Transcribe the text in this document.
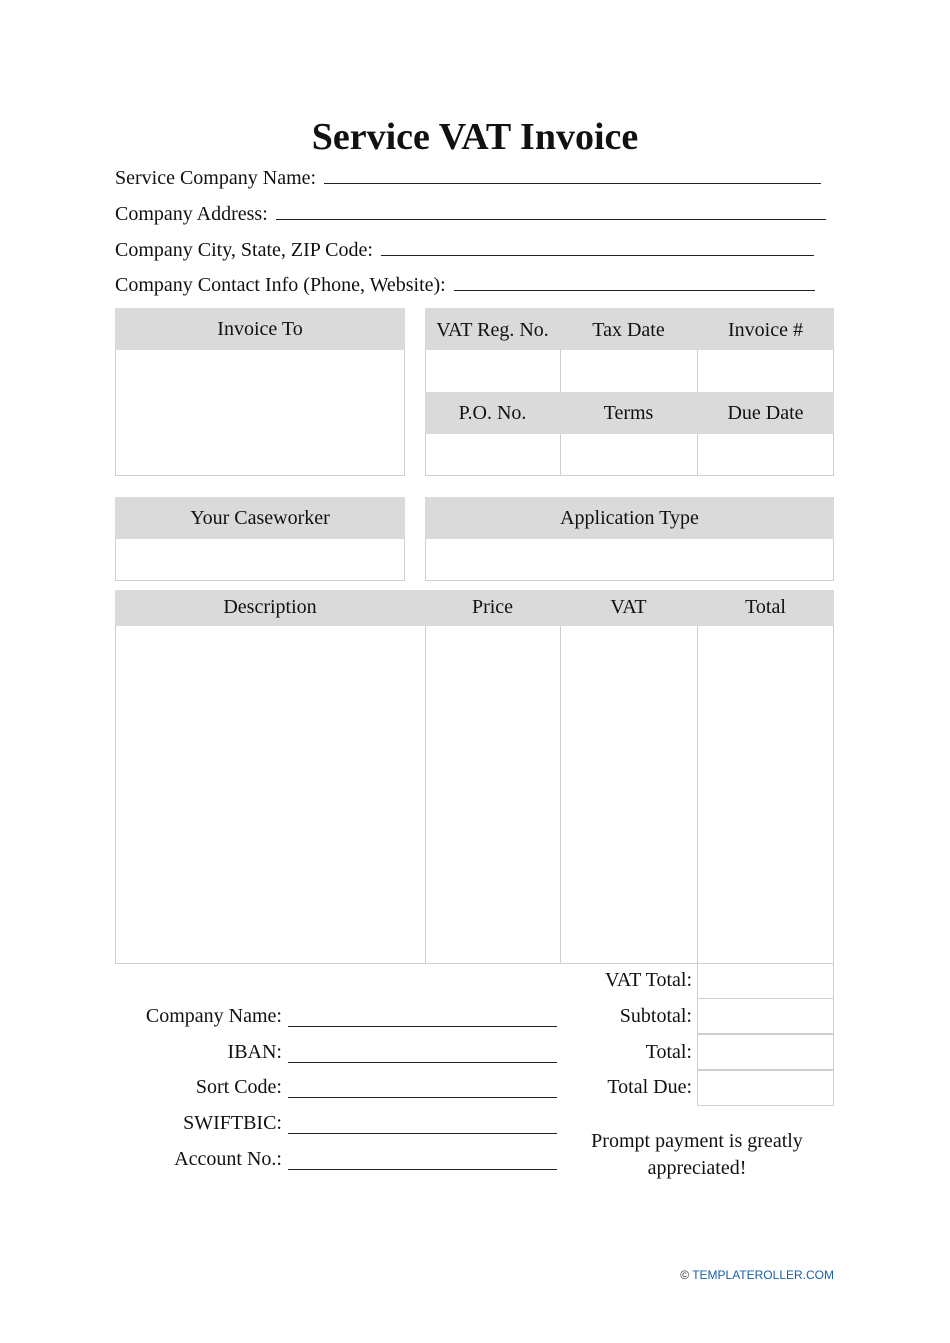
Service VAT Invoice
Service Company Name:
Company Address:
Company City, State, ZIP Code:
Company Contact Info (Phone, Website):
Invoice To	VAT Reg. No.	Tax Date	Invoice #
P.O. No.	Terms	Due Date
Your Caseworker	Application Type
Description	Price	VAT	Total
VAT Total:
Subtotal:
Total:
Total Due:
Company Name:
IBAN:
Sort Code:
SWIFTBIC:
Account No.:
Prompt payment is greatly appreciated!
© TEMPLATEROLLER.COM
